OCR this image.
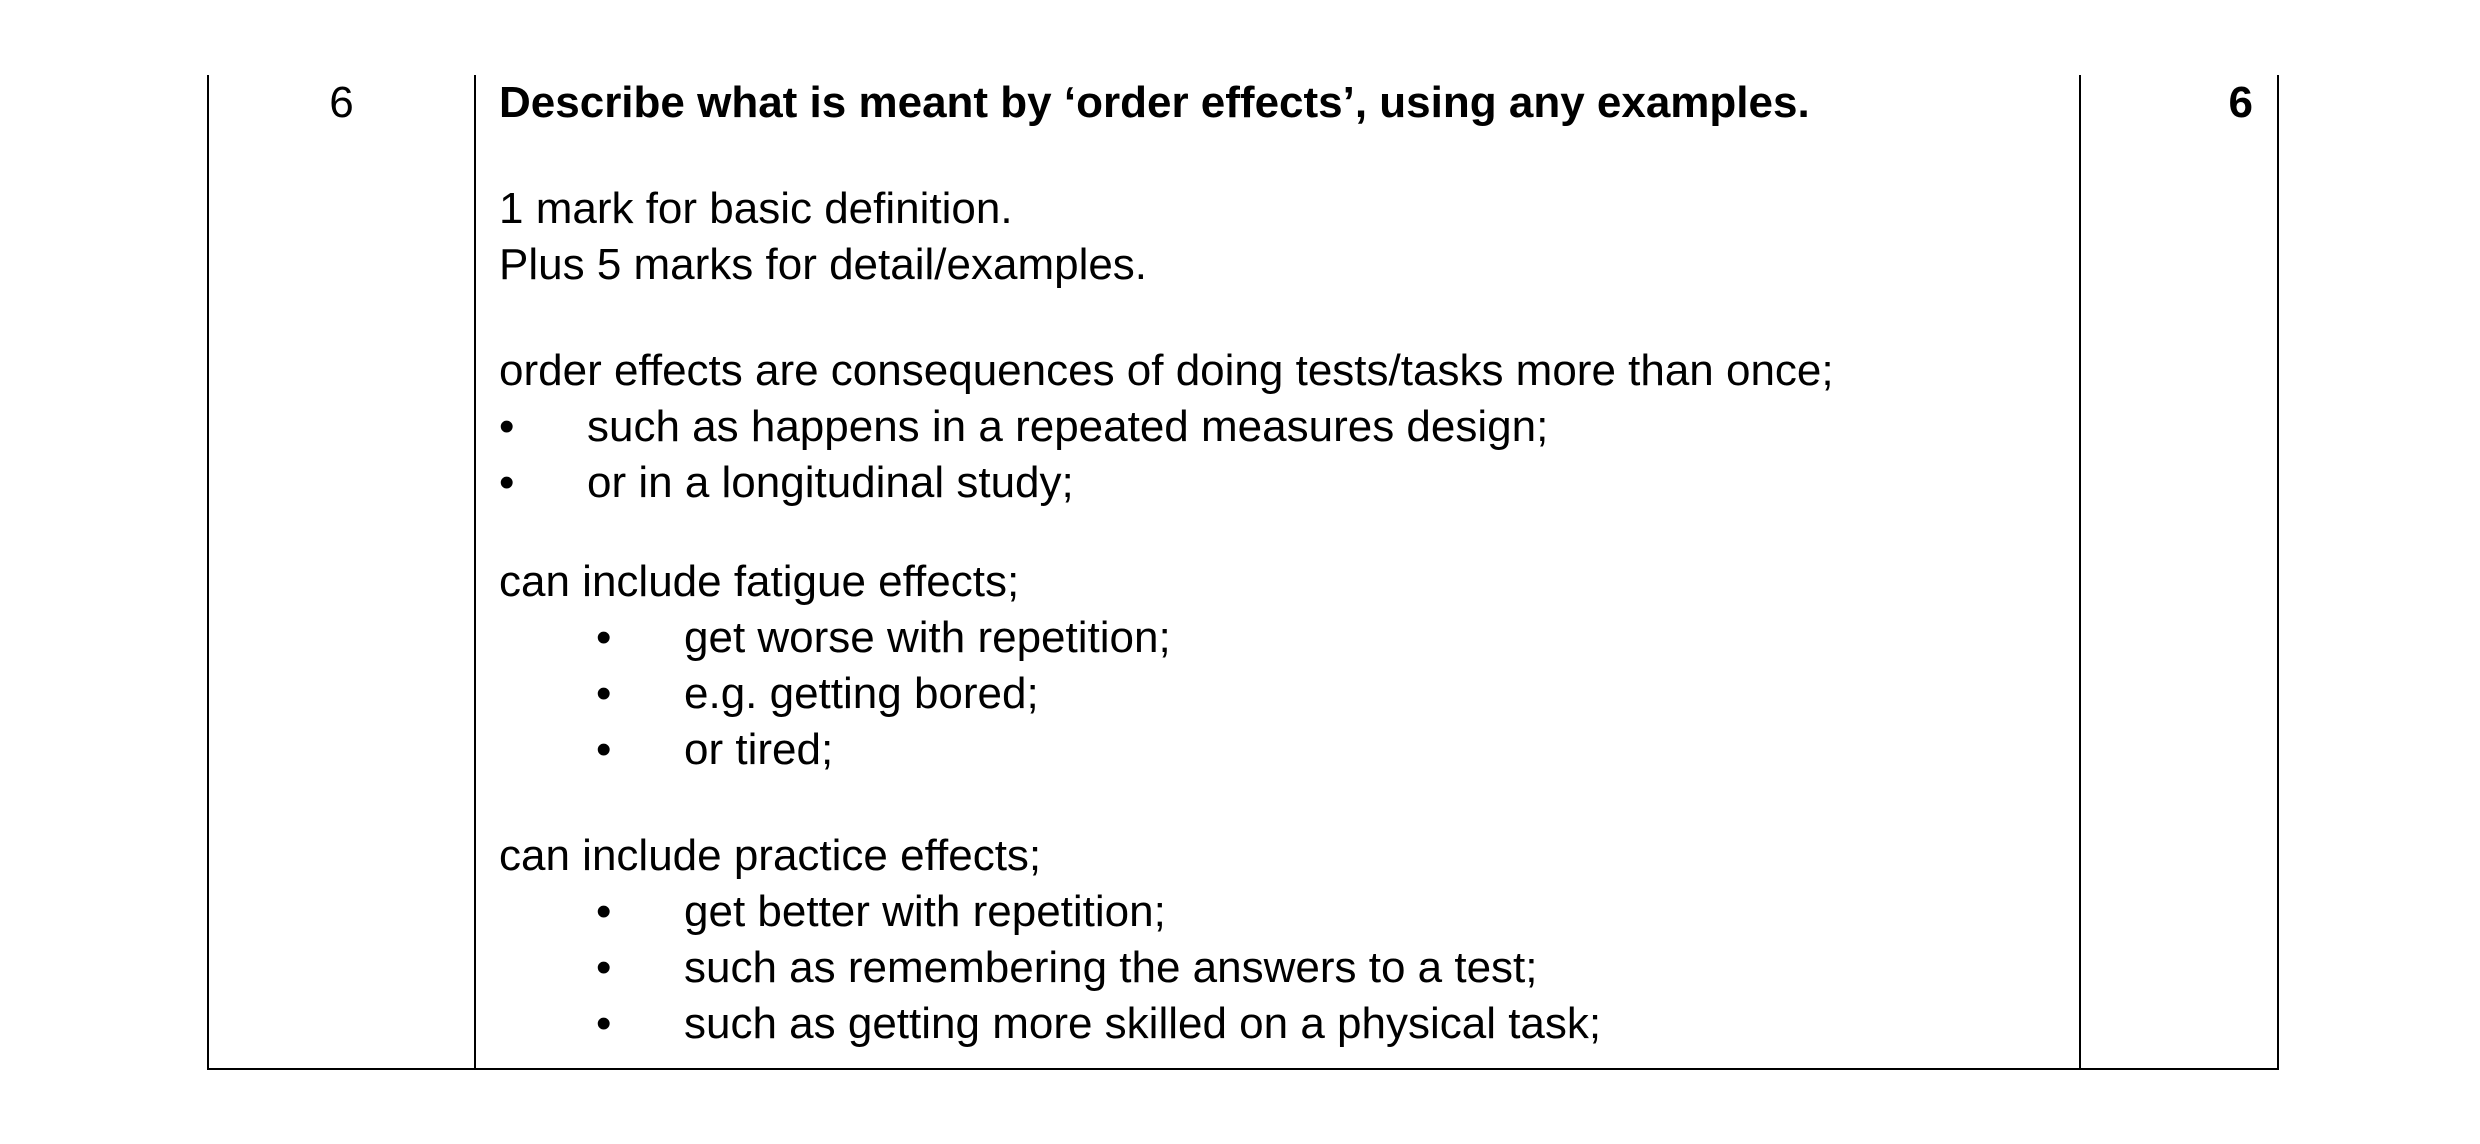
6	Describe what is meant by ‘order effects’, using any examples.
1 mark for basic definition.
Plus 5 marks for detail/examples.
order effects are consequences of doing tests/tasks more than once;
• such as happens in a repeated measures design;
• or in a longitudinal study;
can include fatigue effects;
• get worse with repetition;
• e.g. getting bored;
• or tired;
can include practice effects;
• get better with repetition;
• such as remembering the answers to a test;
• such as getting more skilled on a physical task;
6
